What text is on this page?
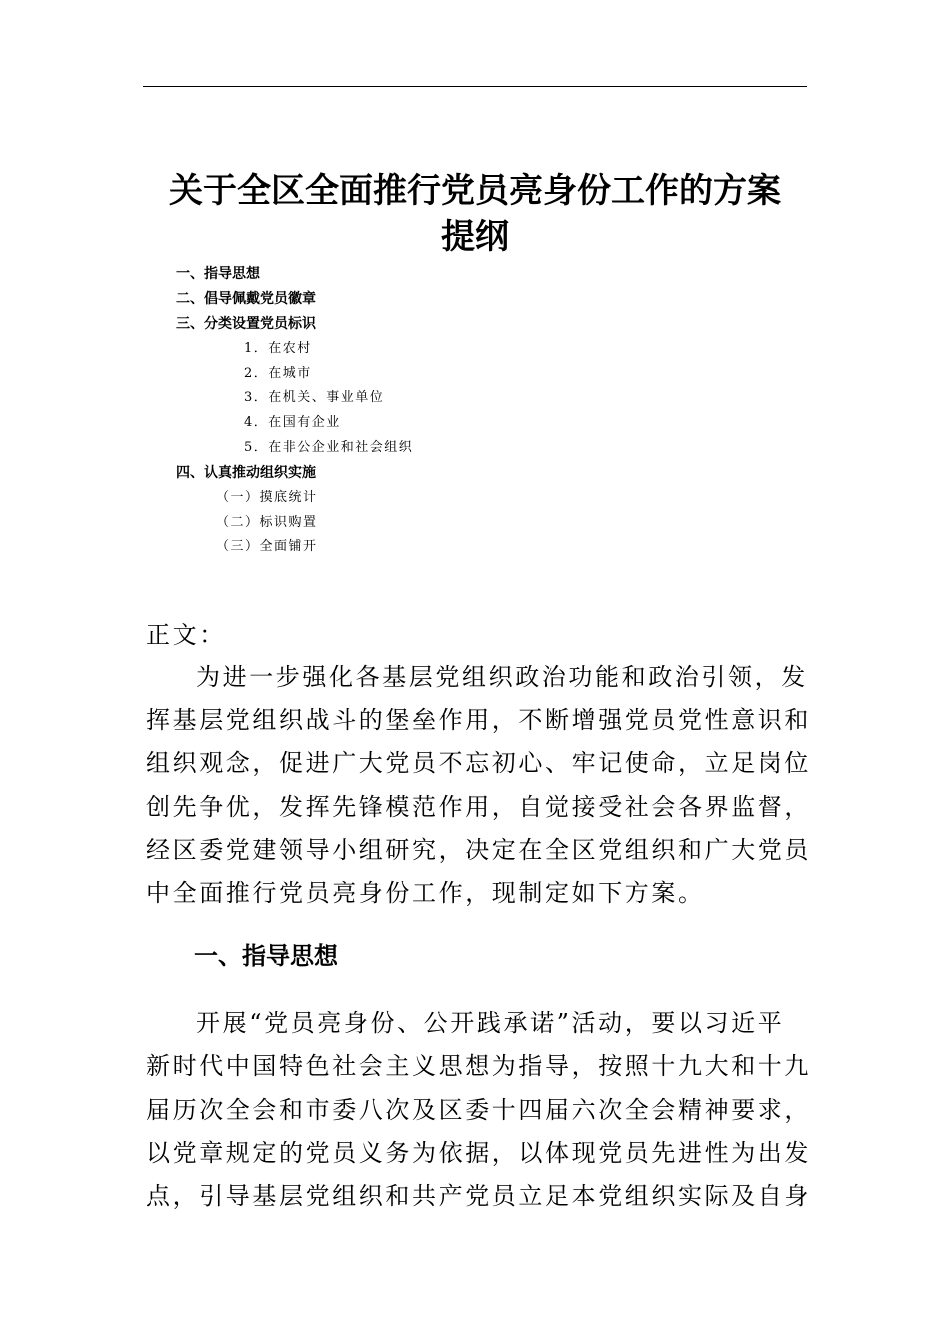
关于全区全面推行党员亮身份工作的方案
提纲
一、指导思想
二、倡导佩戴党员徽章
三、分类设置党员标识
1．在农村
2．在城市
3．在机关、事业单位
4．在国有企业
5．在非公企业和社会组织
四、认真推动组织实施
（一）摸底统计
（二）标识购置
（三）全面铺开
正文：
为进一步强化各基层党组织政治功能和政治引领，发
挥基层党组织战斗的堡垒作用，不断增强党员党性意识和
组织观念，促进广大党员不忘初心、牢记使命，立足岗位
创先争优，发挥先锋模范作用，自觉接受社会各界监督，
经区委党建领导小组研究，决定在全区党组织和广大党员
中全面推行党员亮身份工作，现制定如下方案。
一、指导思想
开展“党员亮身份、公开践承诺”活动，要以习近平
新时代中国特色社会主义思想为指导，按照十九大和十九
届历次全会和市委八次及区委十四届六次全会精神要求，
以党章规定的党员义务为依据，以体现党员先进性为出发
点，引导基层党组织和共产党员立足本党组织实际及自身
